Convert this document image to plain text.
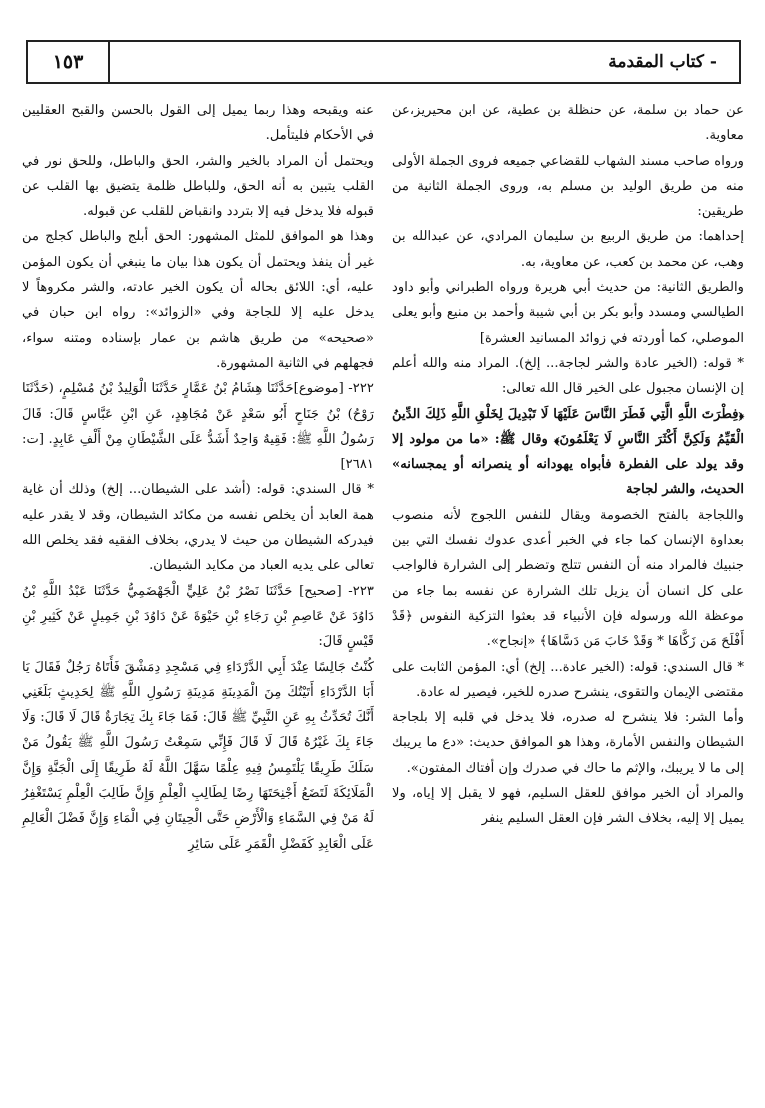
- كتاب المقدمة
١٥٣

عن حماد بن سلمة، عن حنظلة بن عطية، عن ابن محيريز،عن معاوية.

ورواه صاحب مسند الشهاب للقضاعي جميعه فروى الجملة الأولى منه من طريق الوليد بن مسلم به، وروى الجملة الثانية من طريقين:

إحداهما: من طريق الربيع بن سليمان المرادي، عن عبدالله بن وهب، عن محمد بن كعب، عن معاوية، به.

والطريق الثانية: من حديث أبي هريرة ورواه الطبراني وأبو داود الطيالسي ومسدد وأبو بكر بن أبي شيبة وأحمد بن منيع وأبو يعلى الموصلي، كما أوردته في زوائد المسانيد العشرة]

* قوله: (الخير عادة والشر لجاجة... إلخ). المراد منه والله أعلم إن الإنسان مجبول على الخير قال الله تعالى:

﴿فِطْرَتَ اللَّهِ الَّتِي فَطَرَ النَّاسَ عَلَيْهَا لَا تَبْدِيلَ لِخَلْقِ اللَّهِ ذَلِكَ الدِّينُ الْقَيِّمُ وَلَكِنَّ أَكْثَرَ النَّاسِ لَا يَعْلَمُونَ﴾ وقال ﷺ: «ما من مولود إلا وقد يولد على الفطرة فأبواه يهودانه أو ينصرانه أو يمجسانه» الحديث، والشر لجاجة

واللجاجة بالفتح الخصومة ويقال للنفس اللجوج لأنه منصوب بعداوة الإنسان كما جاء في الخبر أعدى عدوك نفسك التي بين جنبيك فالمراد منه أن النفس تتلج وتضطر إلى الشرارة فالواجب على كل انسان أن يزيل تلك الشرارة عن نفسه بما جاء من موعظة الله ورسوله فإن الأنبياء قد بعثوا التزكية النفوس ﴿قَدْ أَفْلَحَ مَن زَكَّاهَا * وَقَدْ خَابَ مَن دَسَّاهَا﴾ «إنجاح».

* قال السندي: قوله: (الخير عادة... إلخ) أي: المؤمن الثابت على مقتضى الإيمان والتقوى، ينشرح صدره للخير، فيصير له عادة.

وأما الشر: فلا ينشرح له صدره، فلا يدخل في قلبه إلا بلجاجة الشيطان والنفس الأمارة، وهذا هو الموافق حديث: «دع ما يريبك إلى ما لا يريبك، والإثم ما حاك في صدرك وإن أفتاك المفتون».

والمراد أن الخير موافق للعقل السليم، فهو لا يقبل إلا إياه، ولا يميل إلا إليه، بخلاف الشر فإن العقل السليم ينفر

عنه ويقبحه وهذا ربما يميل إلى القول بالحسن والقبح العقليين في الأحكام فليتأمل.

ويحتمل أن المراد بالخير والشر، الحق والباطل، وللحق نور في القلب يتبين به أنه الحق، وللباطل ظلمة يتضيق بها القلب عن قبوله فلا يدخل فيه إلا بتردد وانقباض للقلب عن قبوله.

وهذا هو الموافق للمثل المشهور: الحق أبلج والباطل كجلج من غير أن ينفذ ويحتمل أن يكون هذا بيان ما ينبغي أن يكون المؤمن عليه، أي: اللائق بحاله أن يكون الخير عادته، والشر مكروهاً لا يدخل عليه إلا للجاجة وفي «الزوائد»: رواه ابن حبان في «صحيحه» من طريق هاشم بن عمار بإسناده ومتنه سواء، فجهلهم في الثانية المشهورة.

٢٢٢- [موضوع]حَدَّثَنَا هِشَامُ بْنُ عَمَّارٍ حَدَّثَنَا الْوَلِيدُ بْنُ مُسْلِمٍ، (حَدَّثَنَا رَوْحُ) بْنُ جَنَاحٍ أَبُو سَعْدٍ عَنْ مُجَاهِدٍ، عَنِ ابْنِ عَبَّاسٍ قَالَ: قَالَ رَسُولُ اللَّهِ ﷺ: فَقِيهٌ وَاحِدٌ أَشَدُّ عَلَى الشَّيْطَانِ مِنْ أَلْفِ عَابِدٍ. [ت: ٢٦٨١]

* قال السندي: قوله: (أشد على الشيطان... إلخ) وذلك أن غاية همة العابد أن يخلص نفسه من مكائد الشيطان، وقد لا يقدر عليه فيدركه الشيطان من حيث لا يدري، بخلاف الفقيه فقد يخلص الله تعالى على يديه العباد من مكايد الشيطان.

٢٢٣- [صحيح] حَدَّثَنَا نَصْرُ بْنُ عَلِيٍّ الْجَهْضَمِيُّ حَدَّثَنَا عَبْدُ اللَّهِ بْنُ دَاوُدَ عَنْ عَاصِمِ بْنِ رَجَاءِ بْنِ حَيْوَةَ عَنْ دَاوُدَ بْنِ جَمِيلٍ عَنْ كَثِيرِ بْنِ قَيْسٍ قَالَ:

كُنْتُ جَالِسًا عِنْدَ أَبِي الدَّرْدَاءِ فِي مَسْجِدِ دِمَشْقَ فَأَتَاهُ رَجُلٌ فَقَالَ يَا أَبَا الدَّرْدَاءِ أَتَيْتُكَ مِنَ الْمَدِينَةِ مَدِينَةِ رَسُولِ اللَّهِ ﷺ لِحَدِيثٍ بَلَغَنِي أَنَّكَ تُحَدِّثُ بِهِ عَنِ النَّبِيِّ ﷺ قَالَ: فَمَا جَاءَ بِكَ تِجَارَةٌ قَالَ لَا قَالَ: وَلَا جَاءَ بِكَ غَيْرُهُ قَالَ لَا قَالَ فَإِنِّي سَمِعْتُ رَسُولَ اللَّهِ ﷺ يَقُولُ مَنْ سَلَكَ طَرِيقًا يَلْتَمِسُ فِيهِ عِلْمًا سَهَّلَ اللَّهُ لَهُ طَرِيقًا إِلَى الْجَنَّةِ وَإِنَّ الْمَلَائِكَةَ لَتَضَعُ أَجْنِحَتَهَا رِضًا لِطَالِبِ الْعِلْمِ وَإِنَّ طَالِبَ الْعِلْمِ يَسْتَغْفِرُ لَهُ مَنْ فِي السَّمَاءِ وَالْأَرْضِ حَتَّى الْحِيتَانِ فِي الْمَاءِ وَإِنَّ فَضْلَ الْعَالِمِ عَلَى الْعَابِدِ كَفَضْلِ الْقَمَرِ عَلَى سَائِرِ
